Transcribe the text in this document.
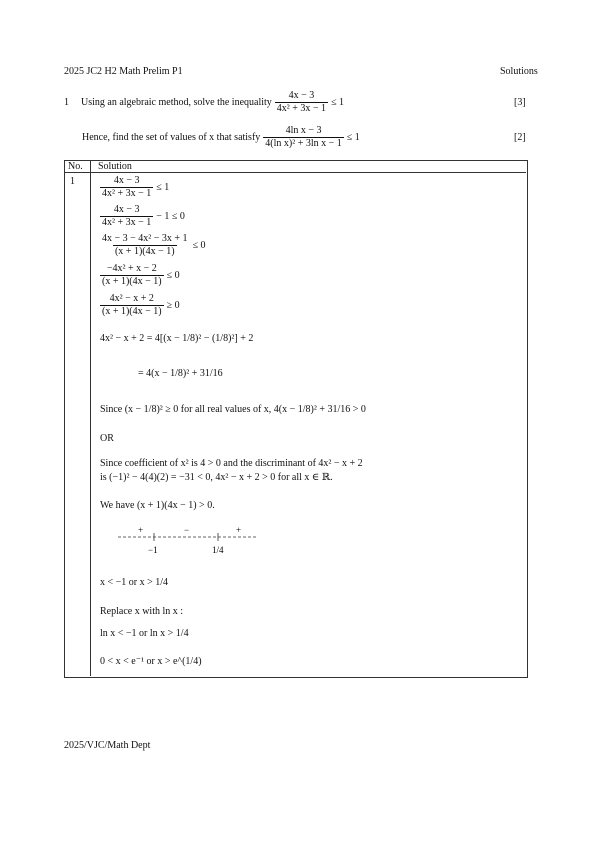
2025 JC2 H2 Math Prelim P1	Solutions
1 Using an algebraic method, solve the inequality $\frac{4x - 3}{\text{4x² + 3x − 1}} \le 1$	[3]
Hence, find the set of values of x that satisfy $\frac{\text{4ln x − 3}}{\text{4(ln x)² + 3ln x − 1}} \le 1$	[2]
No. Solution
1	$\frac{4x - 3}{\text{4x² + 3x − 1}} \le 1$
$\frac{4x - 3}{\text{4x² + 3x − 1}} - 1 \le 0$
$\frac{\text{4x − 3 − 4x² − 3x + 1}}{(x + 1)(4x - 1)} \le 0$
$\frac{\text{−4x² + x − 2}}{(x + 1)(4x - 1)} \le 0$
$\frac{\text{4x² − x + 2}}{(x + 1)(4x - 1)} \ge 0$
4x² − x + 2 = 4[(x − 1/8)² − (1/8)²] + 2
= 4(x − 1/8)² + 31/16
Since (x − 1/8)² ≥ 0 for all real values of x, 4(x − 1/8)² + 31/16 > 0
OR
Since coefficient of x² is 4 > 0 and the discriminant of 4x² − x + 2
is (−1)² − 4(4)(2) = −31 < 0, 4x² − x + 2 > 0 for all x ∈ ℝ.
We have (x + 1)(4x − 1) > 0.
+	−	+
−1	1/4
x < −1 or x > 1/4
Replace x with ln x :
ln x < −1 or ln x > 1/4
0 < x < e⁻¹ or x > e^(1/4)
2025/VJC/Math Dept
